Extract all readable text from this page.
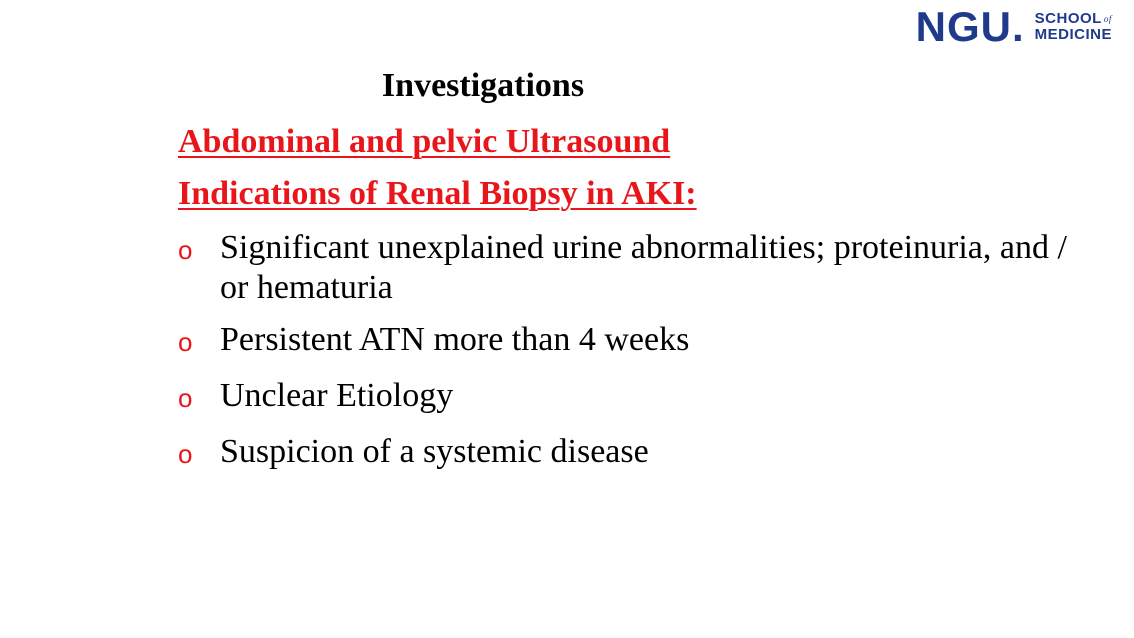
NGU. SCHOOL $^{of}$
MEDICINE
Investigations

Abdominal and pelvic Ultrasound

Indications of Renal Biopsy in AKI:

o Significant unexplained urine abnormalities; proteinuria, and / or hematuria
o Persistent ATN more than 4 weeks
o Unclear Etiology
o Suspicion of a systemic disease
